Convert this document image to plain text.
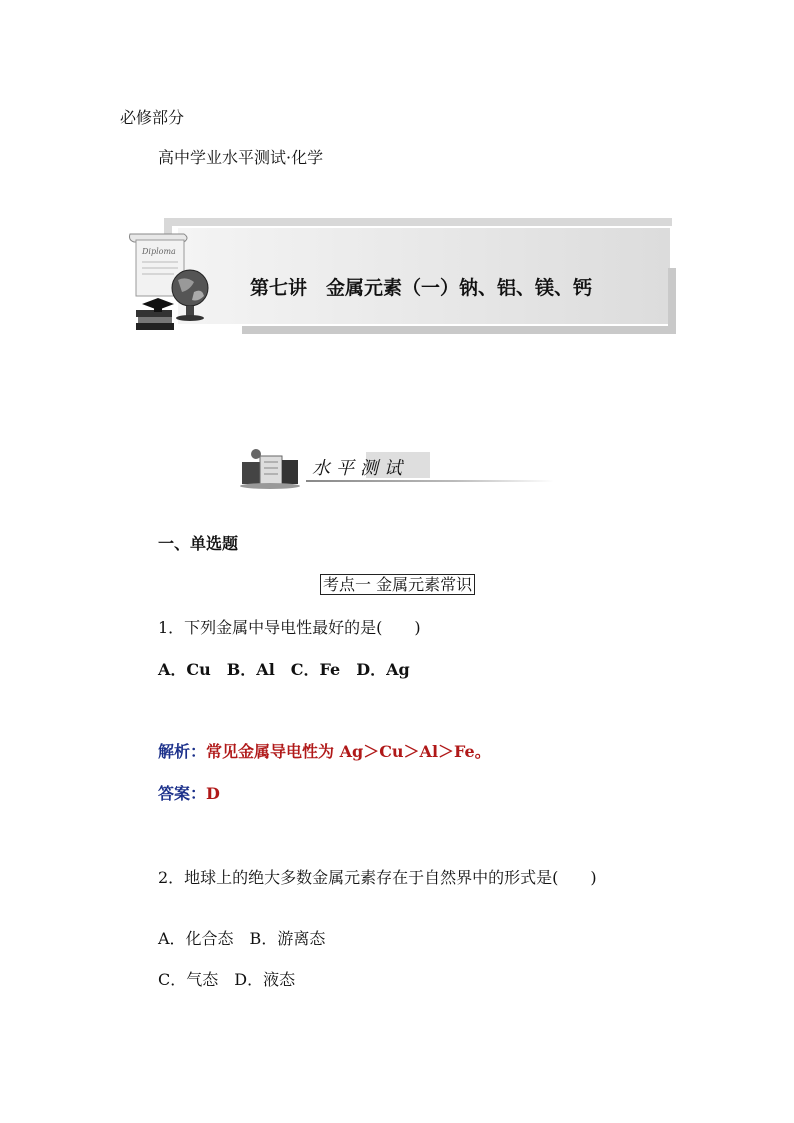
必修部分
高中学业水平测试·化学
Diploma
第七讲　金属元素（一）钠、铝、镁、钙
水平测试
一、单选题
考点一 金属元素常识
1．下列金属中导电性最好的是(　　)
A．Cu　B．Al　C．Fe　D．Ag
解析：常见金属导电性为 Ag＞Cu＞Al＞Fe。
答案：D
2．地球上的绝大多数金属元素存在于自然界中的形式是(　　)
A．化合态　B．游离态
C．气态　D．液态
